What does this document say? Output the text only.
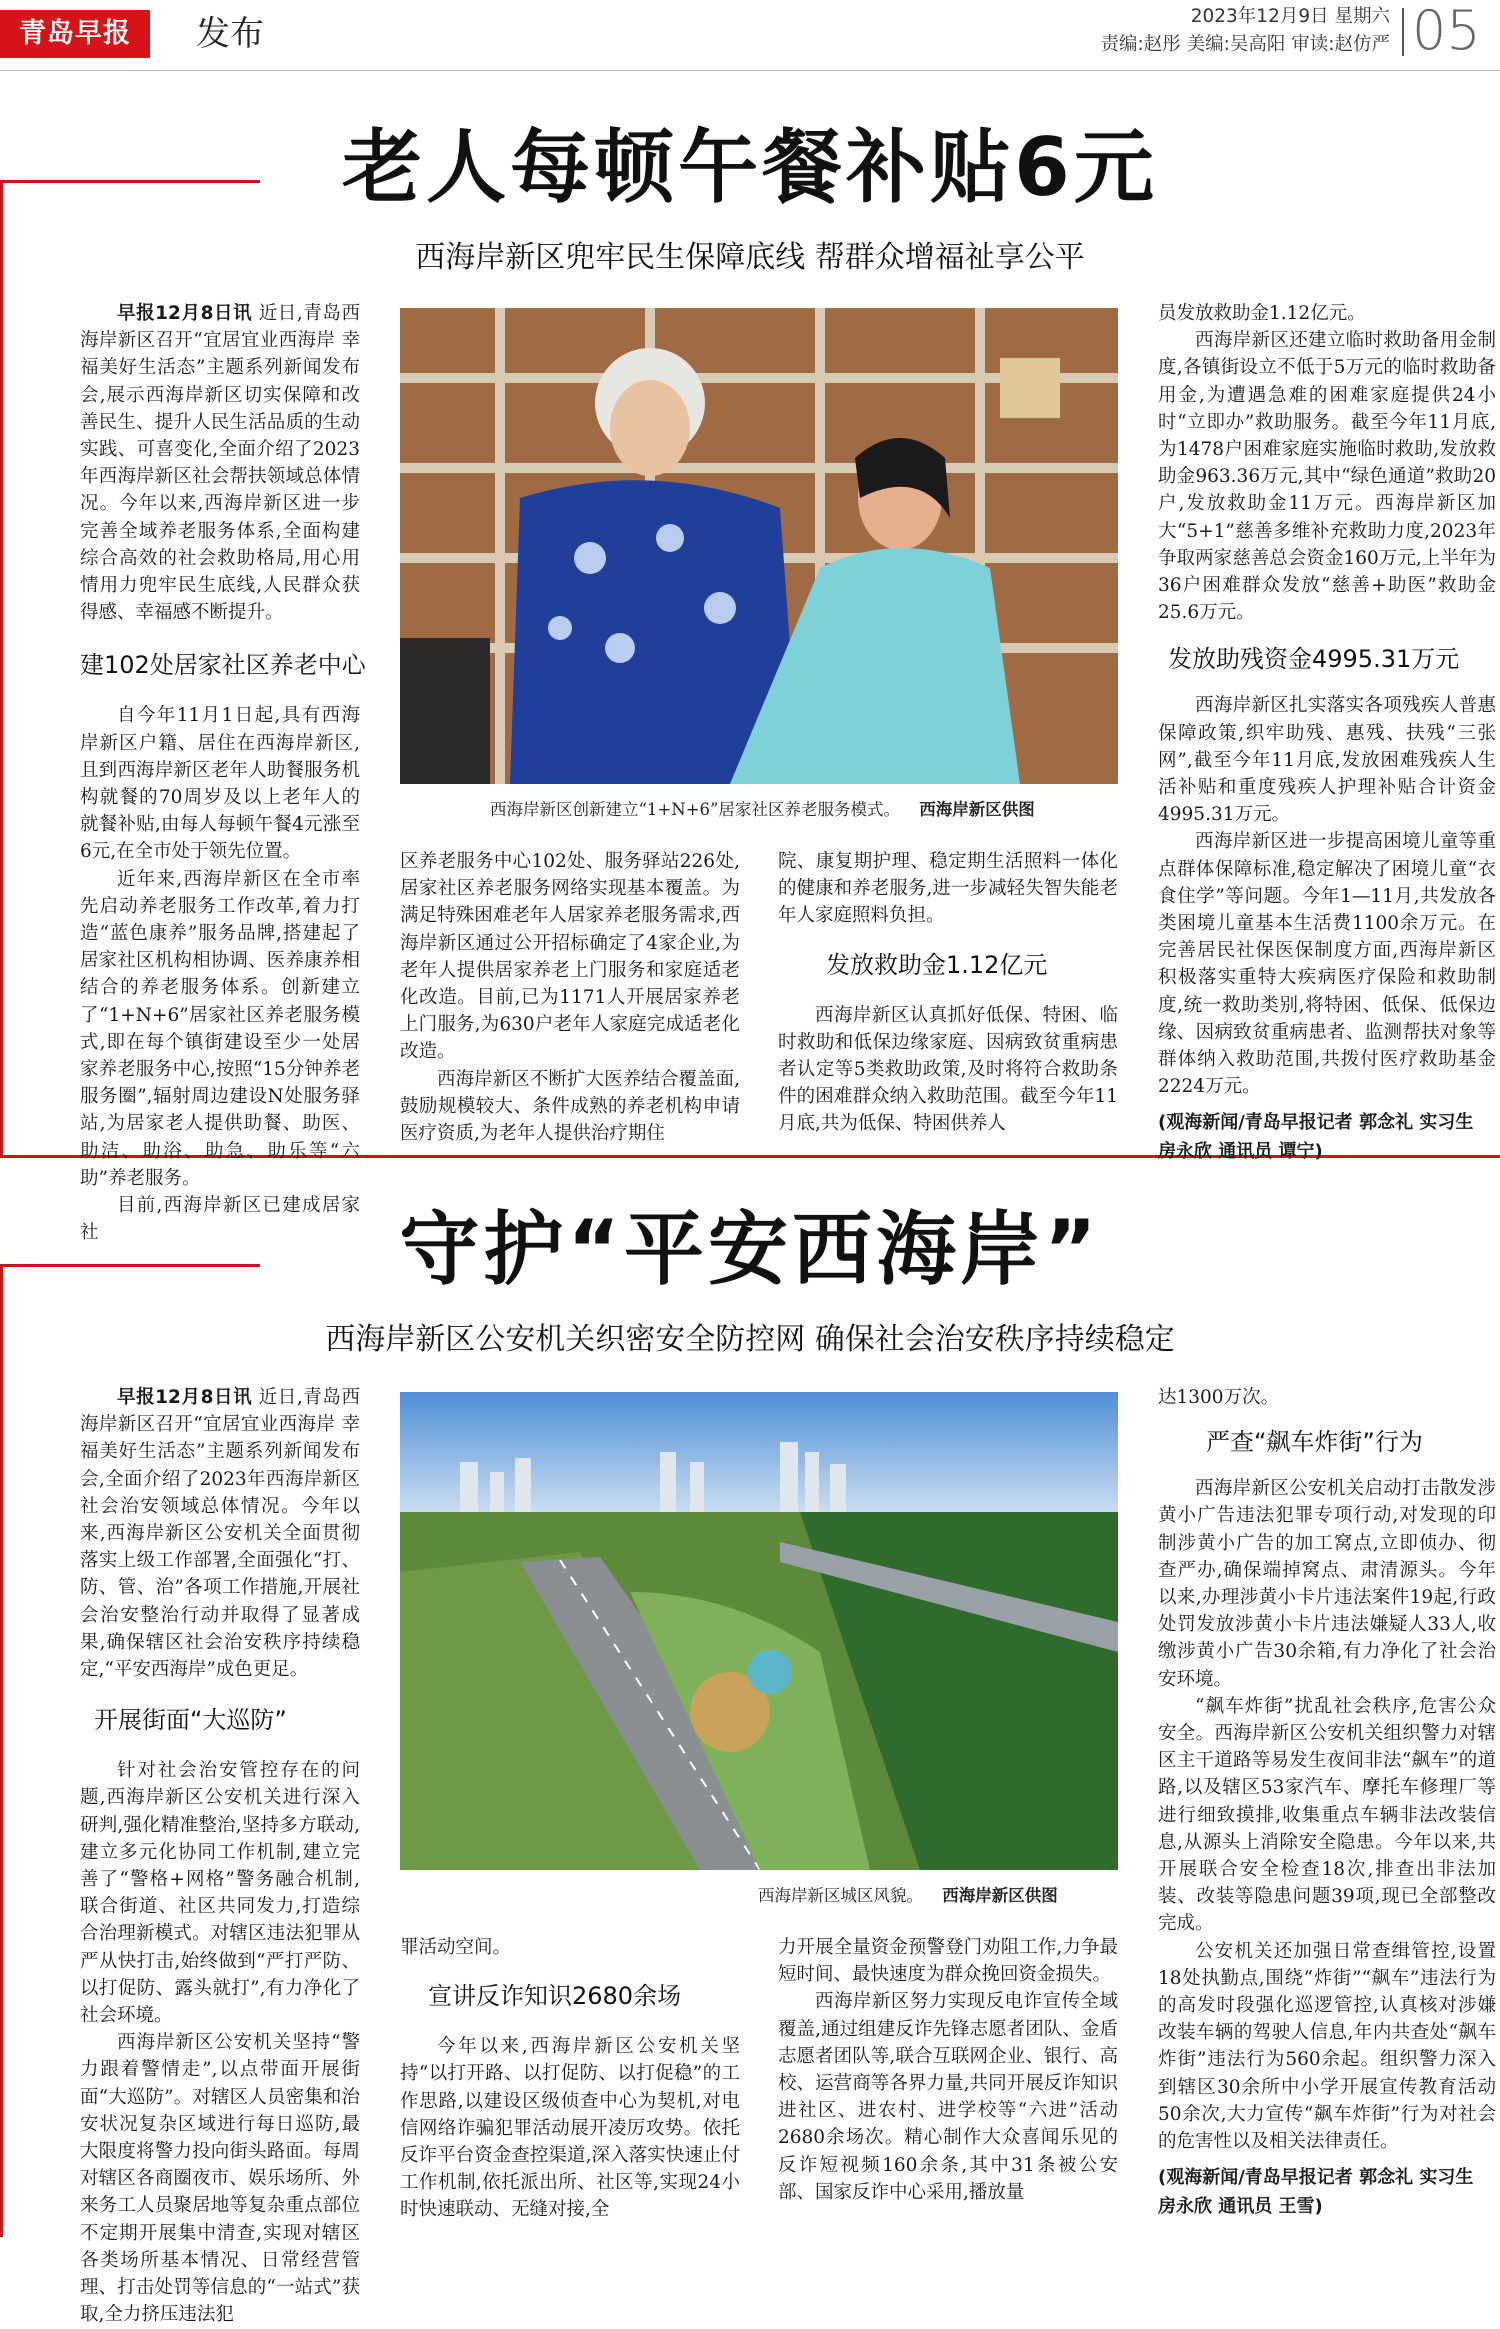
青岛早报	发布	2023年12月9日 星期六
责编:赵彤 美编:吴高阳 审读:赵仿严 05
老人每顿午餐补贴6元
西海岸新区兜牢民生保障底线 帮群众增福祉享公平

早报12月8日讯 近日,青岛西海岸新区召开“宜居宜业西海岸 幸福美好生活态”主题系列新闻发布会,展示西海岸新区切实保障和改善民生、提升人民生活品质的生动实践、可喜变化,全面介绍了2023年西海岸新区社会帮扶领域总体情况。今年以来,西海岸新区进一步完善全域养老服务体系,全面构建综合高效的社会救助格局,用心用情用力兜牢民生底线,人民群众获得感、幸福感不断提升。

建102处居家社区养老中心

自今年11月1日起,具有西海岸新区户籍、居住在西海岸新区,且到西海岸新区老年人助餐服务机构就餐的70周岁及以上老年人的就餐补贴,由每人每顿午餐4元涨至6元,在全市处于领先位置。

近年来,西海岸新区在全市率先启动养老服务工作改革,着力打造“蓝色康养”服务品牌,搭建起了居家社区机构相协调、医养康养相结合的养老服务体系。创新建立了“1+N+6”居家社区养老服务模式,即在每个镇街建设至少一处居家养老服务中心,按照“15分钟养老服务圈”,辐射周边建设N处服务驿站,为居家老人提供助餐、助医、助洁、助浴、助急、助乐等“六助”养老服务。

目前,西海岸新区已建成居家社

西海岸新区创新建立“1+N+6”居家社区养老服务模式。 西海岸新区供图

区养老服务中心102处、服务驿站226处,居家社区养老服务网络实现基本覆盖。为满足特殊困难老年人居家养老服务需求,西海岸新区通过公开招标确定了4家企业,为老年人提供居家养老上门服务和家庭适老化改造。目前,已为1171人开展居家养老上门服务,为630户老年人家庭完成适老化改造。

西海岸新区不断扩大医养结合覆盖面,鼓励规模较大、条件成熟的养老机构申请医疗资质,为老年人提供治疗期住

院、康复期护理、稳定期生活照料一体化的健康和养老服务,进一步减轻失智失能老年人家庭照料负担。

发放救助金1.12亿元

西海岸新区认真抓好低保、特困、临时救助和低保边缘家庭、因病致贫重病患者认定等5类救助政策,及时将符合救助条件的困难群众纳入救助范围。截至今年11月底,共为低保、特困供养人

员发放救助金1.12亿元。

西海岸新区还建立临时救助备用金制度,各镇街设立不低于5万元的临时救助备用金,为遭遇急难的困难家庭提供24小时“立即办”救助服务。截至今年11月底,为1478户困难家庭实施临时救助,发放救助金963.36万元,其中“绿色通道”救助20户,发放救助金11万元。西海岸新区加大“5+1”慈善多维补充救助力度,2023年争取两家慈善总会资金160万元,上半年为36户困难群众发放“慈善+助医”救助金25.6万元。

发放助残资金4995.31万元

西海岸新区扎实落实各项残疾人普惠保障政策,织牢助残、惠残、扶残“三张网”,截至今年11月底,发放困难残疾人生活补贴和重度残疾人护理补贴合计资金4995.31万元。

西海岸新区进一步提高困境儿童等重点群体保障标准,稳定解决了困境儿童“衣食住学”等问题。今年1—11月,共发放各类困境儿童基本生活费1100余万元。在完善居民社保医保制度方面,西海岸新区积极落实重特大疾病医疗保险和救助制度,统一救助类别,将特困、低保、低保边缘、因病致贫重病患者、监测帮扶对象等群体纳入救助范围,共拨付医疗救助基金2224万元。

(观海新闻/青岛早报记者 郭念礼 实习生 房永欣 通讯员 谭宁)

守护“平安西海岸”
西海岸新区公安机关织密安全防控网 确保社会治安秩序持续稳定

早报12月8日讯 近日,青岛西海岸新区召开“宜居宜业西海岸 幸福美好生活态”主题系列新闻发布会,全面介绍了2023年西海岸新区社会治安领域总体情况。今年以来,西海岸新区公安机关全面贯彻落实上级工作部署,全面强化“打、防、管、治”各项工作措施,开展社会治安整治行动并取得了显著成果,确保辖区社会治安秩序持续稳定,“平安西海岸”成色更足。

开展街面“大巡防”

针对社会治安管控存在的问题,西海岸新区公安机关进行深入研判,强化精准整治,坚持多方联动,建立多元化协同工作机制,建立完善了“警格+网格”警务融合机制,联合街道、社区共同发力,打造综合治理新模式。对辖区违法犯罪从严从快打击,始终做到“严打严防、以打促防、露头就打”,有力净化了社会环境。

西海岸新区公安机关坚持“警力跟着警情走”,以点带面开展街面“大巡防”。对辖区人员密集和治安状况复杂区域进行每日巡防,最大限度将警力投向街头路面。每周对辖区各商圈夜市、娱乐场所、外来务工人员聚居地等复杂重点部位不定期开展集中清查,实现对辖区各类场所基本情况、日常经营管理、打击处罚等信息的“一站式”获取,全力挤压违法犯

西海岸新区城区风貌。 西海岸新区供图

罪活动空间。

宣讲反诈知识2680余场

今年以来,西海岸新区公安机关坚持“以打开路、以打促防、以打促稳”的工作思路,以建设区级侦查中心为契机,对电信网络诈骗犯罪活动展开凌厉攻势。依托反诈平台资金查控渠道,深入落实快速止付工作机制,依托派出所、社区等,实现24小时快速联动、无缝对接,全

力开展全量资金预警登门劝阻工作,力争最短时间、最快速度为群众挽回资金损失。

西海岸新区努力实现反电诈宣传全域覆盖,通过组建反诈先锋志愿者团队、金盾志愿者团队等,联合互联网企业、银行、高校、运营商等各界力量,共同开展反诈知识进社区、进农村、进学校等“六进”活动2680余场次。精心制作大众喜闻乐见的反诈短视频160余条,其中31条被公安部、国家反诈中心采用,播放量

达1300万次。

严查“飙车炸街”行为

西海岸新区公安机关启动打击散发涉黄小广告违法犯罪专项行动,对发现的印制涉黄小广告的加工窝点,立即侦办、彻查严办,确保端掉窝点、肃清源头。今年以来,办理涉黄小卡片违法案件19起,行政处罚发放涉黄小卡片违法嫌疑人33人,收缴涉黄小广告30余箱,有力净化了社会治安环境。

“飙车炸街”扰乱社会秩序,危害公众安全。西海岸新区公安机关组织警力对辖区主干道路等易发生夜间非法“飙车”的道路,以及辖区53家汽车、摩托车修理厂等进行细致摸排,收集重点车辆非法改装信息,从源头上消除安全隐患。今年以来,共开展联合安全检查18次,排查出非法加装、改装等隐患问题39项,现已全部整改完成。

公安机关还加强日常查缉管控,设置18处执勤点,围绕“炸街”“飙车”违法行为的高发时段强化巡逻管控,认真核对涉嫌改装车辆的驾驶人信息,年内共查处“飙车炸街”违法行为560余起。组织警力深入到辖区30余所中小学开展宣传教育活动50余次,大力宣传“飙车炸街”行为对社会的危害性以及相关法律责任。

(观海新闻/青岛早报记者 郭念礼 实习生 房永欣 通讯员 王雪)
